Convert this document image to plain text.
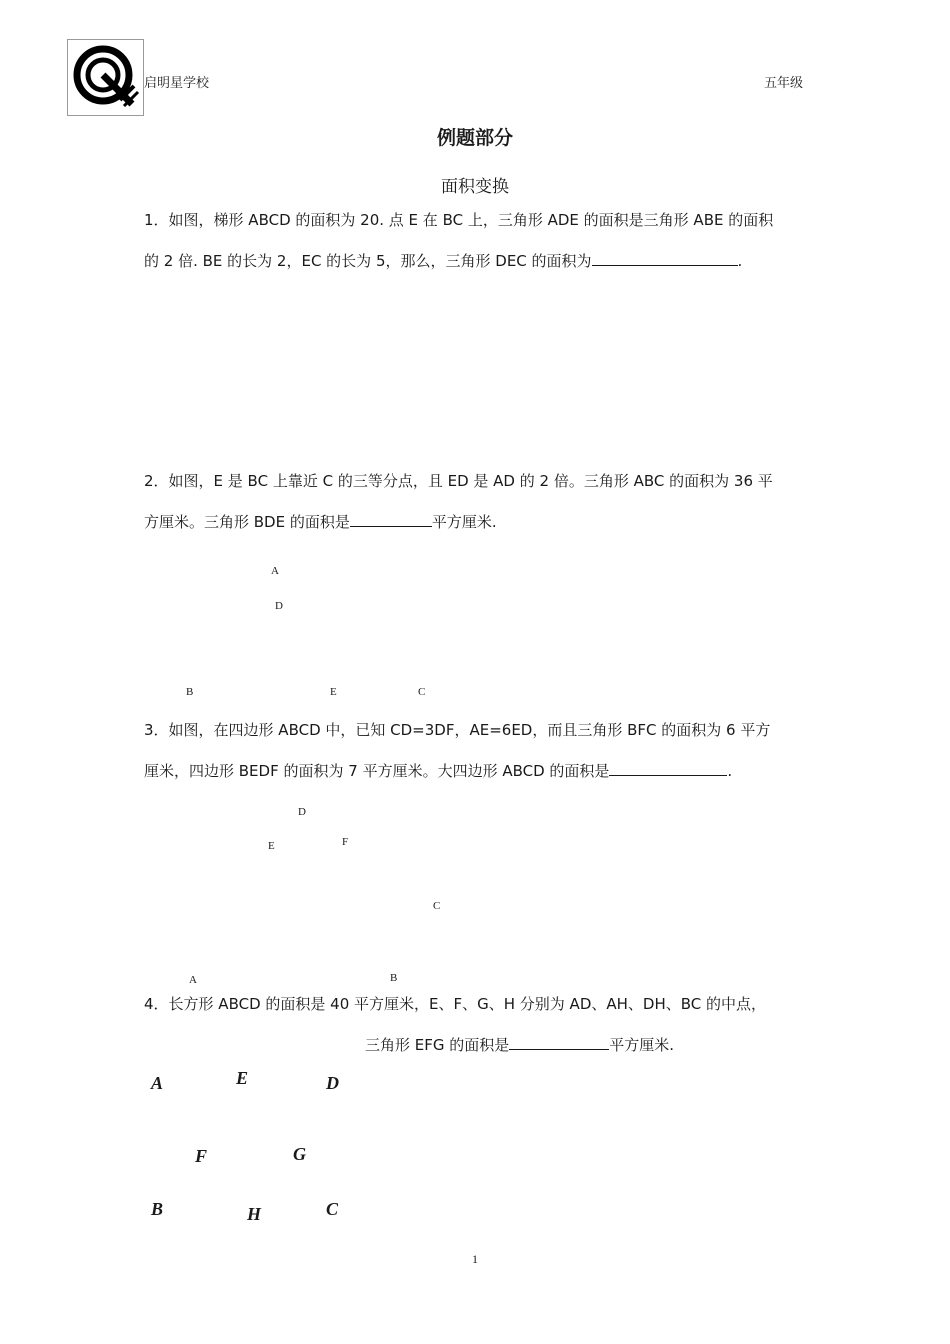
启明星学校	五年级
例题部分
面积变换
1．如图，梯形 ABCD 的面积为 20. 点 E 在 BC 上，三角形 ADE 的面积是三角形 ABE 的面积
的 2 倍. BE 的长为 2，EC 的长为 5，那么，三角形 DEC 的面积为	.
2．如图，E 是 BC 上靠近 C 的三等分点，且 ED 是 AD 的 2 倍。三角形 ABC 的面积为 36 平
方厘米。三角形 BDE 的面积是	平方厘米.
A
D
B	E	C
3．如图，在四边形 ABCD 中，已知 CD=3DF，AE=6ED，而且三角形 BFC 的面积为 6 平方
厘米，四边形 BEDF 的面积为 7 平方厘米。大四边形 ABCD 的面积是	.
D
E	F
C
A	B
4．长方形 ABCD 的面积是 40 平方厘米，E、F、G、H 分别为 AD、AH、DH、BC 的中点，
三角形 EFG 的面积是	平方厘米.
A	E	D
F	G
B	H	C
1
